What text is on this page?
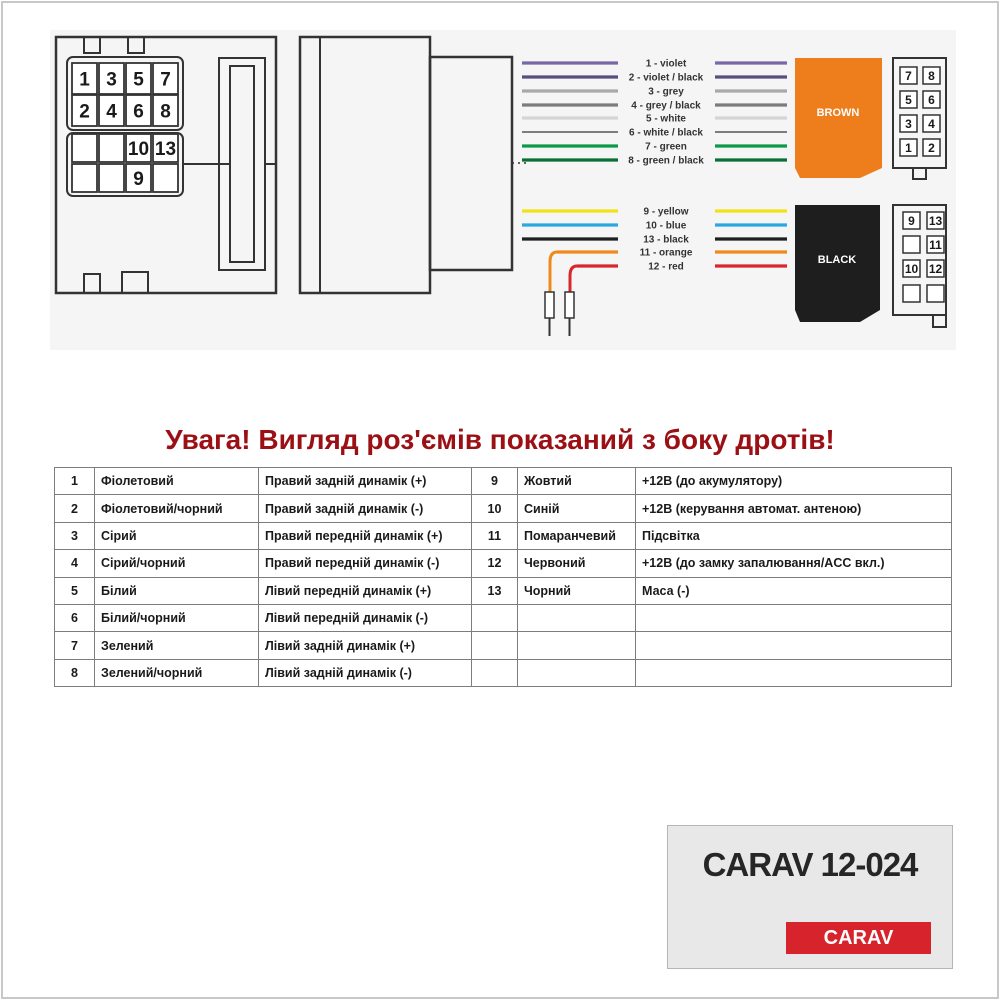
1 3 5 7
2 4 6 8
10 13
9
1 - violet
2 - violet / black
3 - grey
4 - grey / black
5 - white
6 - white / black
7 - green
8 - green / black
9 - yellow
10 - blue
13 - black
11 - orange
12 - red
BROWN
7 8
5 6
3 4
1 2
BLACK
9 13
11
10 12
Увага! Вигляд роз'ємів показаний з боку дротів!
1	Фіолетовий	Правий задній динамік (+)	9	Жовтий	+12В (до акумулятору)
2	Фіолетовий/чорний	Правий задній динамік (-)	10	Синій	+12В (керування автомат. антеною)
3	Сірий	Правий передній динамік (+)	11	Помаранчевий	Підсвітка
4	Сірий/чорний	Правий передній динамік (-)	12	Червоний	+12В (до замку запалювання/ACC вкл.)
5	Білий	Лівий передній динамік (+)	13	Чорний	Маса (-)
6	Білий/чорний	Лівий передній динамік (-)			
7	Зелений	Лівий задній динамік (+)			
8	Зелений/чорний	Лівий задній динамік (-)			
CARAV 12-024
CARAV
